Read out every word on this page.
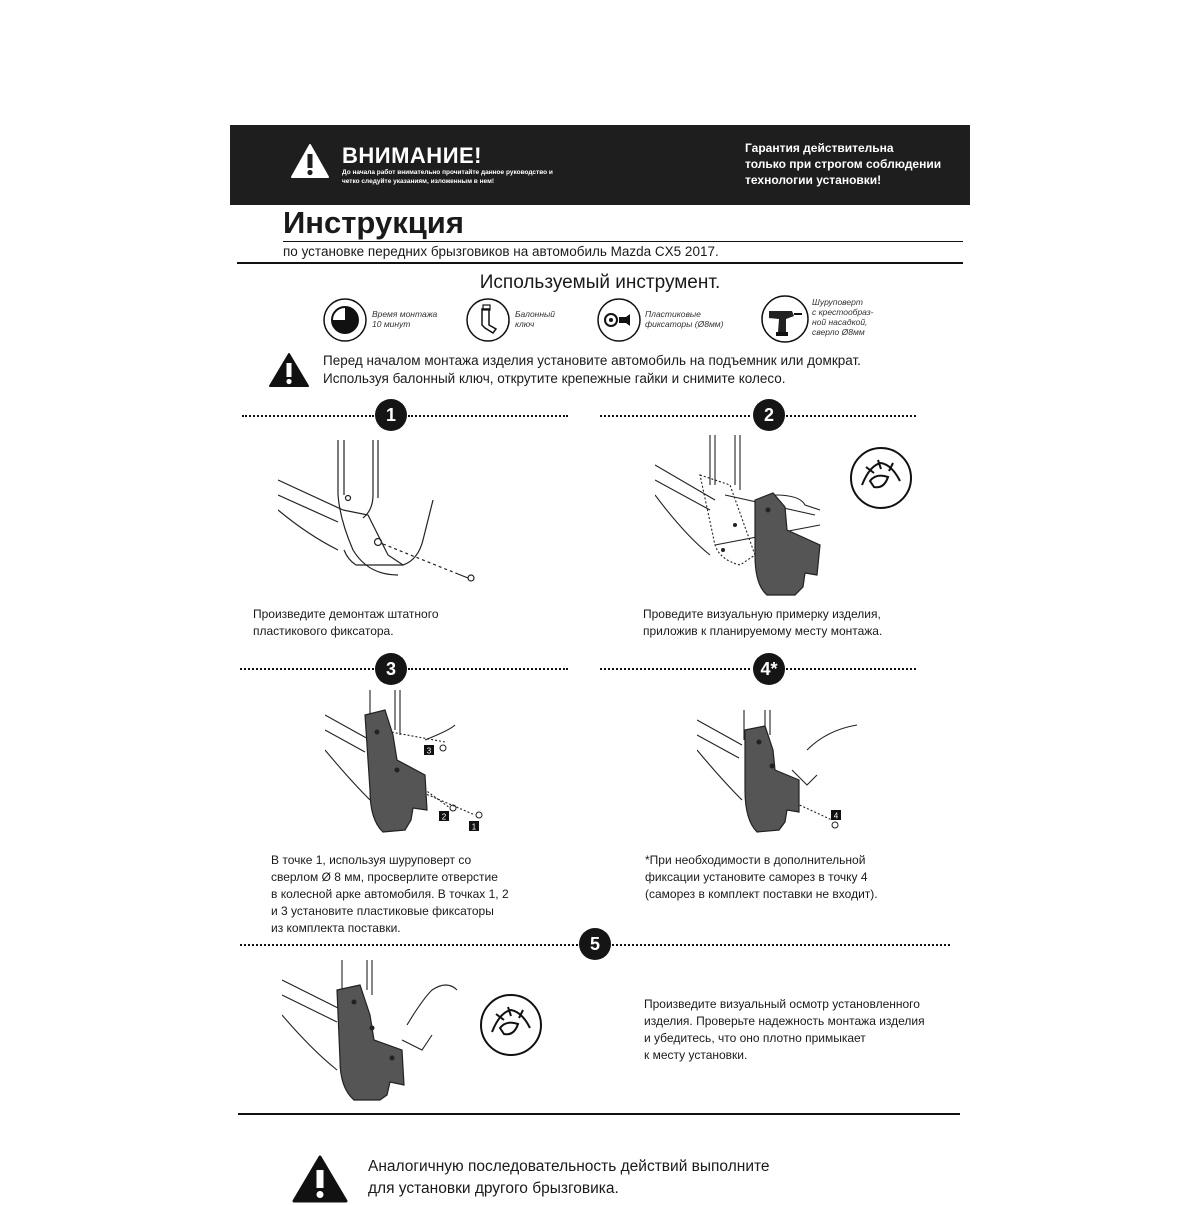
ВНИМАНИЕ!
До начала работ внимательно прочитайте данное руководство и четко следуйте указаниям, изложенным в нем!
Гарантия действительна
только при строгом соблюдении
технологии установки!
Инструкция
по установке передних брызговиков на автомобиль Mazda CX5 2017.
Используемый инструмент.
Время монтажа
10 минут
Балонный
ключ
Пластиковые
фиксаторы (Ø8мм)
Шуруповерт
с крестообраз-
ной насадкой,
сверло Ø8мм
Перед началом монтажа изделия установите автомобиль на подъемник или домкрат.
Используя балонный ключ, открутите крепежные гайки и снимите колесо.
1
Произведите демонтаж штатного
пластикового фиксатора.
2
Проведите визуальную примерку изделия,
приложив к планируемому месту монтажа.
3
3
2
1
В точке 1, используя шуруповерт со
сверлом Ø 8 мм, просверлите отверстие
в колесной арке автомобиля. В точках 1, 2
и 3 установите пластиковые фиксаторы
из комплекта поставки.
4*
4
*При необходимости в дополнительной
фиксации установите саморез в точку 4
(саморез в комплект поставки не входит).
5
Произведите визуальный осмотр установленного
изделия. Проверьте надежность монтажа изделия
и убедитесь, что оно плотно примыкает
к месту установки.
Аналогичную последовательность действий выполните
для установки другого брызговика.
